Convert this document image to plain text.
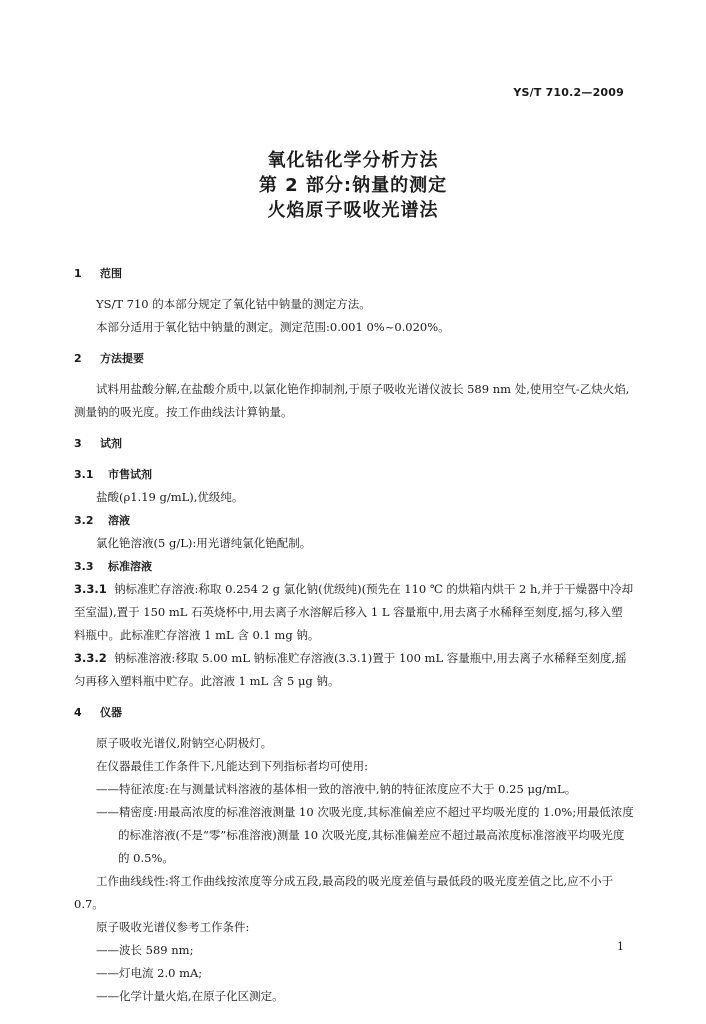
YS/T 710.2—2009
氧化钴化学分析方法
第 2 部分:钠量的测定
火焰原子吸收光谱法
1 范围

YS/T 710 的本部分规定了氧化钴中钠量的测定方法。

本部分适用于氧化钴中钠量的测定。测定范围:0.001 0%~0.020%。

2 方法提要

试料用盐酸分解,在盐酸介质中,以氯化铯作抑制剂,于原子吸收光谱仪波长 589 nm 处,使用空气-乙炔火焰,测量钠的吸光度。按工作曲线法计算钠量。

3 试剂
3.1 市售试剂

盐酸(ρ1.19 g/mL),优级纯。

3.2 溶液

氯化铯溶液(5 g/L):用光谱纯氯化铯配制。

3.3 标准溶液

3.3.1 钠标准贮存溶液:称取 0.254 2 g 氯化钠(优级纯)(预先在 110 ℃ 的烘箱内烘干 2 h,并于干燥器中冷却至室温),置于 150 mL 石英烧杯中,用去离子水溶解后移入 1 L 容量瓶中,用去离子水稀释至刻度,摇匀,移入塑料瓶中。此标准贮存溶液 1 mL 含 0.1 mg 钠。

3.3.2 钠标准溶液:移取 5.00 mL 钠标准贮存溶液(3.3.1)置于 100 mL 容量瓶中,用去离子水稀释至刻度,摇匀再移入塑料瓶中贮存。此溶液 1 mL 含 5 μg 钠。

4 仪器

原子吸收光谱仪,附钠空心阴极灯。

在仪器最佳工作条件下,凡能达到下列指标者均可使用:

——特征浓度:在与测量试料溶液的基体相一致的溶液中,钠的特征浓度应不大于 0.25 μg/mL。

——精密度:用最高浓度的标准溶液测量 10 次吸光度,其标准偏差应不超过平均吸光度的 1.0%;用最低浓度的标准溶液(不是“零”标准溶液)测量 10 次吸光度,其标准偏差应不超过最高浓度标准溶液平均吸光度的 0.5%。

工作曲线线性:将工作曲线按浓度等分成五段,最高段的吸光度差值与最低段的吸光度差值之比,应不小于 0.7。

原子吸收光谱仪参考工作条件:

——波长 589 nm;

——灯电流 2.0 mA;

——化学计量火焰,在原子化区测定。

1
